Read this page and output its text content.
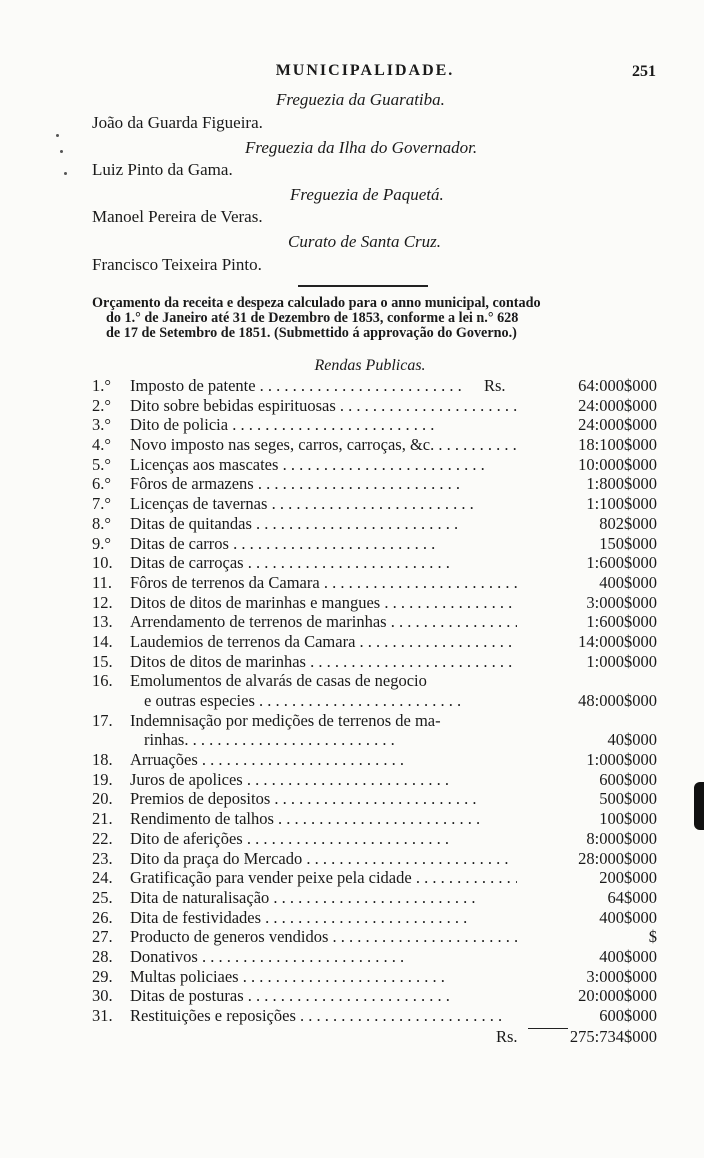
MUNICIPALIDADE.	251
Freguezia da Guaratiba.
João da Guarda Figueira.
Freguezia da Ilha do Governador.
Luiz Pinto da Gama.
Freguezia de Paquetá.
Manoel Pereira de Veras.
Curato de Santa Cruz.
Francisco Teixeira Pinto.
Orçamento da receita e despeza calculado para o anno municipal, contado
do 1.° de Janeiro até 31 de Dezembro de 1853, conforme a lei n.° 628
de 17 de Setembro de 1851. (Submettido á approvação do Governo.)
Rendas Publicas.
1.° Imposto de patente . .	Rs.	64:000$000
2.° Dito sobre bebidas espirituosas . .	24:000$000
3.° Dito de policia . .	24:000$000
4.° Novo imposto nas seges, carros, carroças, &c. . .	18:100$000
5.° Licenças aos mascates . .	10:000$000
6.° Fôros de armazens . .	1:800$000
7.° Licenças de tavernas . .	1:100$000
8.° Ditas de quitandas . .	802$000
9.° Ditas de carros . .	150$000
10. Ditas de carroças . .	1:600$000
11. Fôros de terrenos da Camara . .	400$000
12. Ditos de ditos de marinhas e mangues . .	3:000$000
13. Arrendamento de terrenos de marinhas . .	1:600$000
14. Laudemios de terrenos da Camara . .	14:000$000
15. Ditos de ditos de marinhas . .	1:000$000
16. Emolumentos de alvarás de casas de negocio
e outras especies . .	48:000$000
17. Indemnisação por medições de terrenos de ma-
rinhas. . .	40$000
18. Arruações . .	1:000$000
19. Juros de apolices . .	600$000
20. Premios de depositos . .	500$000
21. Rendimento de talhos . .	100$000
22. Dito de aferições . .	8:000$000
23. Dito da praça do Mercado . .	28:000$000
24. Gratificação para vender peixe pela cidade . .	200$000
25. Dita de naturalisação . .	64$000
26. Dita de festividades . .	400$000
27. Producto de generos vendidos . .	$
28. Donativos . .	400$000
29. Multas policiaes . .	3:000$000
30. Ditas de posturas . .	20:000$000
31. Restituições e reposições . .	600$000
Rs.	275:734$000
